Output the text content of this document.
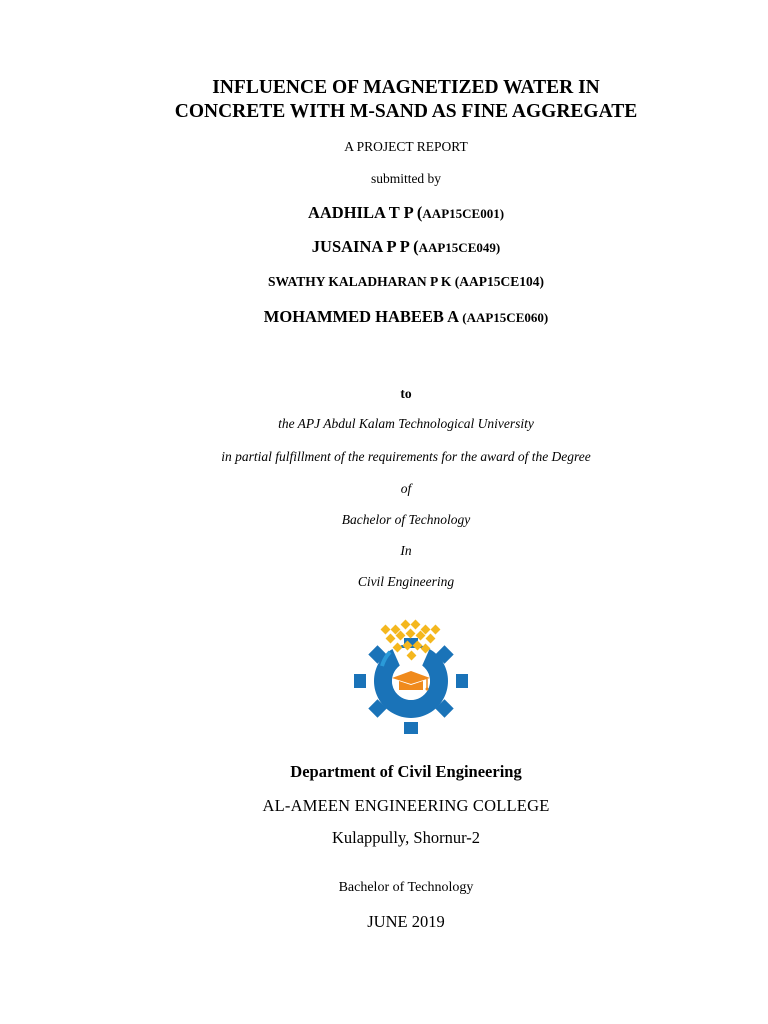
INFLUENCE OF MAGNETIZED WATER IN
CONCRETE WITH M-SAND AS FINE AGGREGATE
A PROJECT REPORT
submitted by
AADHILA T P (AAP15CE001)
JUSAINA P P (AAP15CE049)
SWATHY KALADHARAN P K (AAP15CE104)
MOHAMMED HABEEB A (AAP15CE060)
to
the APJ Abdul Kalam Technological University
in partial fulfillment of the requirements for the award of the Degree
of
Bachelor of Technology
In
Civil Engineering
Department of Civil Engineering
AL-AMEEN ENGINEERING COLLEGE
Kulappully, Shornur-2
Bachelor of Technology
JUNE 2019
